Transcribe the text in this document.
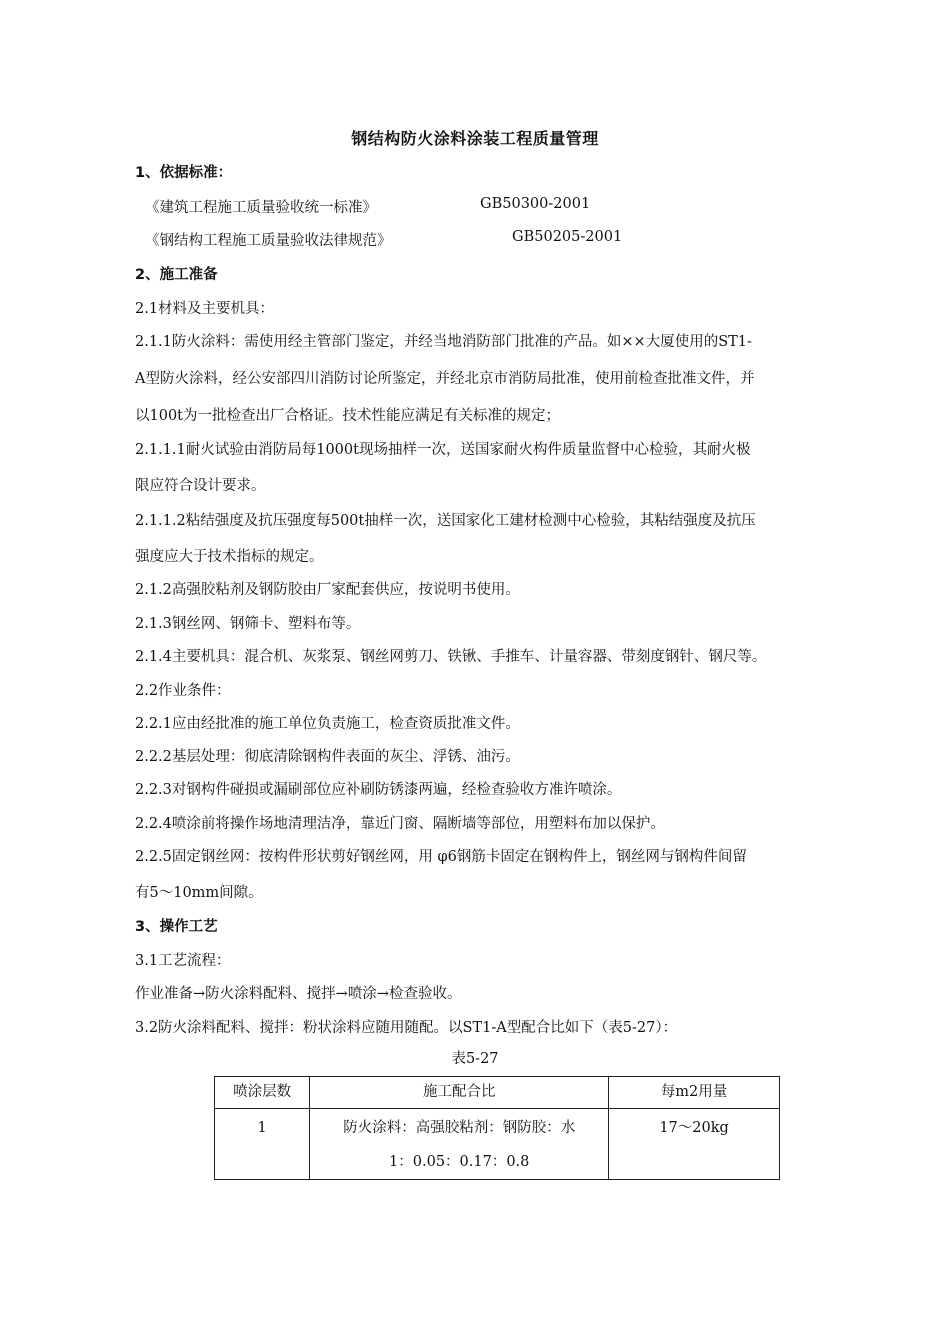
钢结构防火涂料涂装工程质量管理
1、依据标准：
《建筑工程施工质量验收统一标准》	GB50300-2001
《钢结构工程施工质量验收法律规范》	GB50205-2001
2、施工准备
2.1材料及主要机具：
2.1.1防火涂料：需使用经主管部门鉴定，并经当地消防部门批准的产品。如××大厦使用的ST1-
A型防火涂料，经公安部四川消防讨论所鉴定，并经北京市消防局批准，使用前检查批准文件，并
以100t为一批检查出厂合格证。技术性能应满足有关标准的规定；
2.1.1.1耐火试验由消防局每1000t现场抽样一次，送国家耐火构件质量监督中心检验，其耐火极
限应符合设计要求。
2.1.1.2粘结强度及抗压强度每500t抽样一次，送国家化工建材检测中心检验，其粘结强度及抗压
强度应大于技术指标的规定。
2.1.2高强胶粘剂及钢防胶由厂家配套供应，按说明书使用。
2.1.3钢丝网、钢筛卡、塑料布等。
2.1.4主要机具：混合机、灰浆泵、钢丝网剪刀、铁锹、手推车、计量容器、带刻度钢针、钢尺等。
2.2作业条件：
2.2.1应由经批准的施工单位负责施工，检查资质批准文件。
2.2.2基层处理：彻底清除钢构件表面的灰尘、浮锈、油污。
2.2.3对钢构件碰损或漏刷部位应补刷防锈漆两遍，经检查验收方准许喷涂。
2.2.4喷涂前将操作场地清理洁净，靠近门窗、隔断墙等部位，用塑料布加以保护。
2.2.5固定钢丝网：按构件形状剪好钢丝网，用 φ6钢筋卡固定在钢构件上，钢丝网与钢构件间留
有5～10mm间隙。
3、操作工艺
3.1工艺流程：
作业准备→防火涂料配料、搅拌→喷涂→检查验收。
3.2防火涂料配料、搅拌：粉状涂料应随用随配。以ST1-A型配合比如下（表5-27）：
表5-27
喷涂层数	施工配合比	每m2用量

1	防火涂料：高强胶粘剂：钢防胶：水
1：0.05：0.17：0.8	17～20kg
